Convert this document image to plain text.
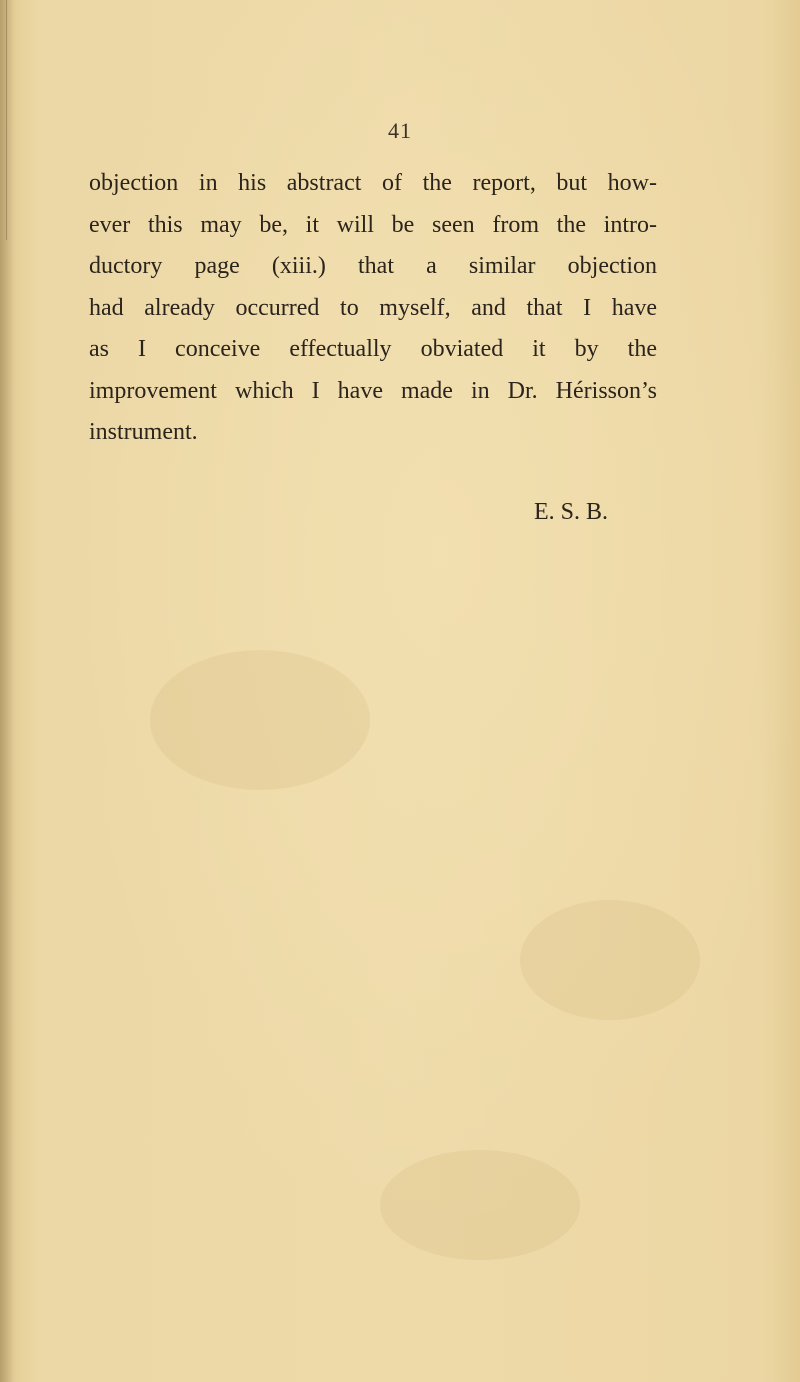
41
objection in his abstract of the report, but how-
ever this may be, it will be seen from the intro-
ductory page (xiii.) that a similar objection
had already occurred to myself, and that I have
as I conceive effectually obviated it by the
improvement which I have made in Dr. Hérisson’s
instrument.
E. S. B.
